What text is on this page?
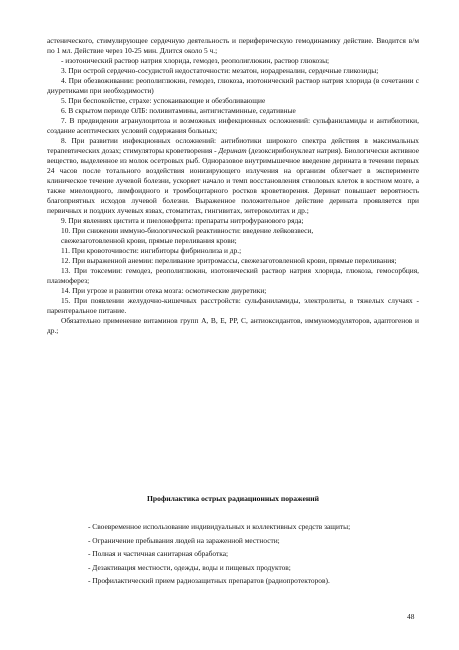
астенического, стимулирующее сердечную деятельность и периферическую гемодинамику действие. Вводится в/м по 1 мл. Действие через 10-25 мин. Длится около 5 ч.;

- изотонический раствор натрия хлорида, гемодез, реополиглюкин, раствор глюкозы;

3. При острой сердечно-сосудистой недостаточности: мезатон, норадреналин, сердечные гликозиды;

4. При обезвоживании: реополиглюкин, гемодез, глюкоза, изотонический раствор натрия хлорида (в сочетании с диуретиками при необходимости)

5. При беспокойстве, страхе: успокаивающие и обезболивающие

6. В скрытом периоде ОЛБ: поливитамины, антигистаминные, седативные

7. В предвидении агранулоцитоза и возможных инфекционных осложнений: сульфаниламиды и антибиотики, создание асептических условий содержания больных;

8. При развитии инфекционных осложнений: антибиотики широкого спектра действия в максимальных терапевтических дозах; стимуляторы кроветворения - Деринат (дезоксирибонуклеат натрия). Биологически активное вещество, выделенное из молок осетровых рыб. Одноразовое внутримышечное введение дерината в течении первых 24 часов после тотального воздействия ионизирующего излучения на организм облегчает в эксперименте клиническое течение лучевой болезни, ускоряет начало и темп восстановления стволовых клеток в костном мозге, а также миелоидного, лимфоидного и тромбоцитарного ростков кроветворения. Деринат повышает вероятность благоприятных исходов лучевой болезни. Выраженное положительное действие дерината проявляется при первичных и поздних лучевых язвах, стоматитах, гингивитах, энтероколитах и др.;

9. При явлениях цистита и пиелонефрита: препараты нитрофуранового ряда;

10. При снижении иммуно-биологической реактивности: введение лейковзвеси,

свежезаготовленной крови, прямые переливания крови;

11. При кровоточивости: ингибиторы фибринолиза и др.;

12. При выраженной анемии: переливание эритромассы, свежезаготовленной крови, прямые переливания;

13. При токсемии: гемодез, реополиглюкин, изотонический раствор натрия хлорида, глюкоза, гемосорбция, плазмоферез;

14. При угрозе и развитии отека мозга: осмотические диуретики;

15. При появлении желудочно-кишечных расстройств: сульфаниламиды, электролиты, в тяжелых случаях - парентеральное питание.

Обязательно применение витаминов групп А, В, Е, РР, С, антиоксидантов, иммуномодуляторов, адаптогенов и др.;

Профилактика острых радиационных поражений

- Своевременное использование индивидуальных и коллективных средств защиты;
- Ограничение пребывания людей на зараженной местности;
- Полная и частичная санитарная обработка;
- Дезактивация местности, одежды, воды и пищевых продуктов;
- Профилактический прием радиозащитных препаратов (радиопротекторов).
48
